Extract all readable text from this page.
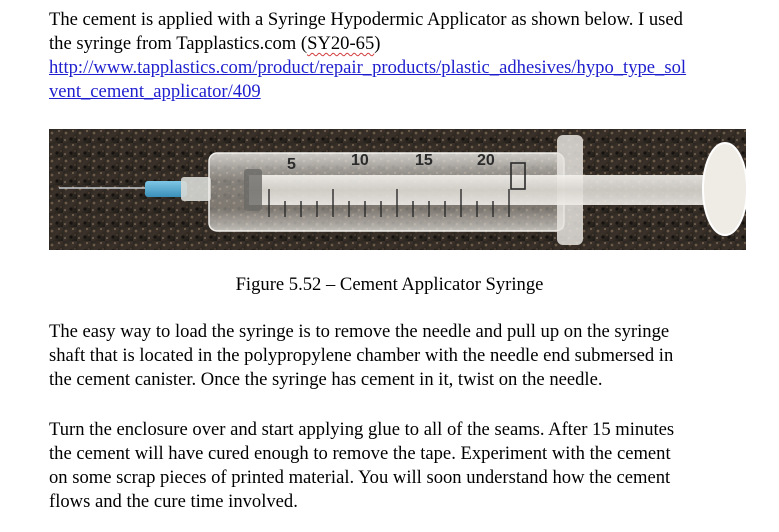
The cement is applied with a Syringe Hypodermic Applicator as shown below. I used
the syringe from Tapplastics.com (SY20-65)
http://www.tapplastics.com/product/repair_products/plastic_adhesives/hypo_type_sol
vent_cement_applicator/409

5	10	15	20
Figure 5.52 – Cement Applicator Syringe

The easy way to load the syringe is to remove the needle and pull up on the syringe
shaft that is located in the polypropylene chamber with the needle end submersed in
the cement canister. Once the syringe has cement in it, twist on the needle.

Turn the enclosure over and start applying glue to all of the seams. After 15 minutes
the cement will have cured enough to remove the tape. Experiment with the cement
on some scrap pieces of printed material. You will soon understand how the cement
flows and the cure time involved.
